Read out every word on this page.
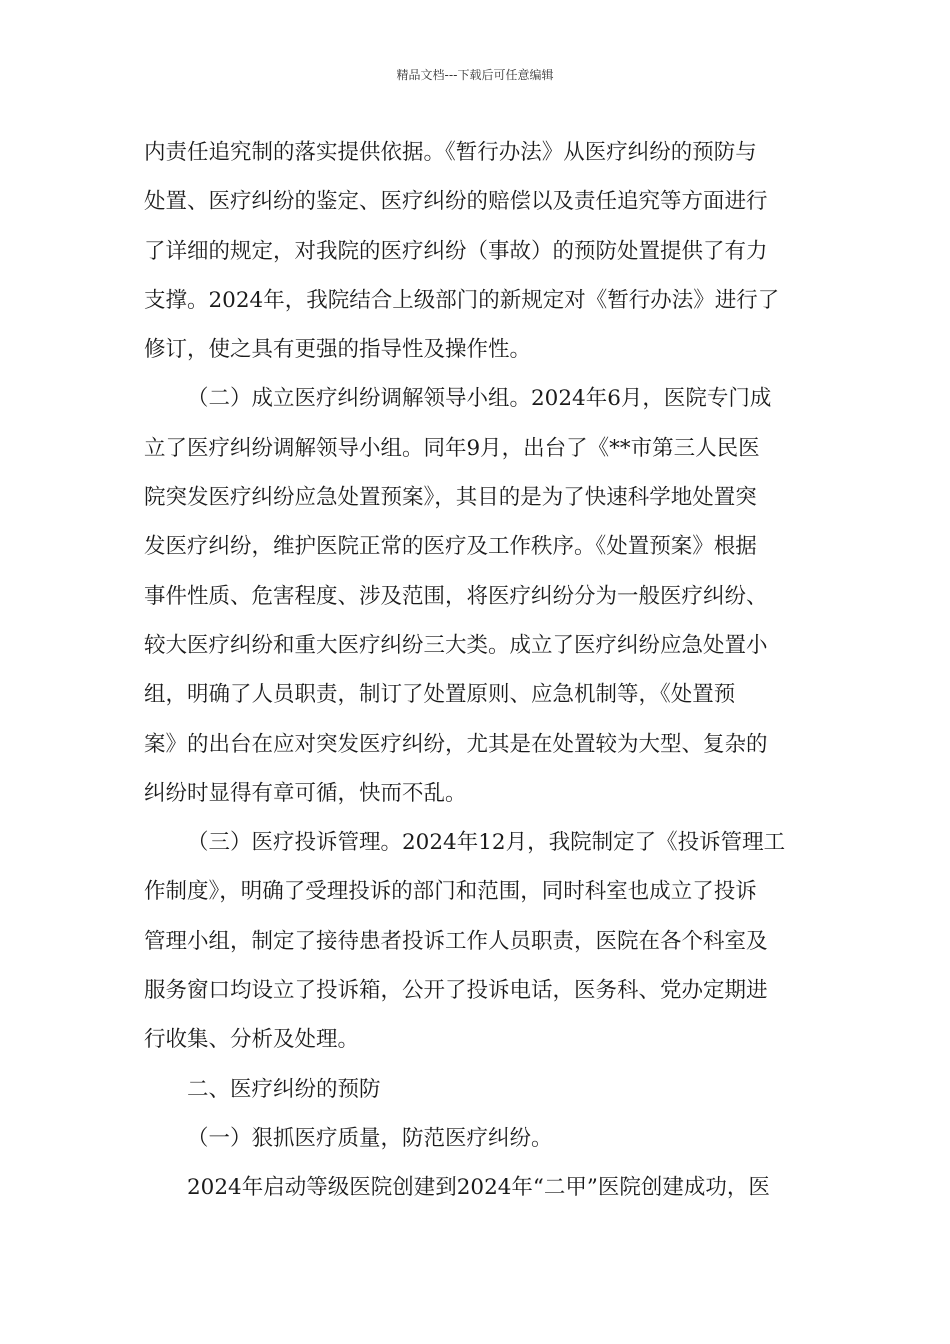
精品文档---下载后可任意编辑
内责任追究制的落实提供依据。《暂行办法》从医疗纠纷的预防与
处置、医疗纠纷的鉴定、医疗纠纷的赔偿以及责任追究等方面进行
了详细的规定，对我院的医疗纠纷（事故）的预防处置提供了有力
支撑。2024年，我院结合上级部门的新规定对《暂行办法》进行了
修订，使之具有更强的指导性及操作性。
（二）成立医疗纠纷调解领导小组。2024年6月，医院专门成
立了医疗纠纷调解领导小组。同年9月，出台了《**市第三人民医
院突发医疗纠纷应急处置预案》，其目的是为了快速科学地处置突
发医疗纠纷，维护医院正常的医疗及工作秩序。《处置预案》根据
事件性质、危害程度、涉及范围，将医疗纠纷分为一般医疗纠纷、
较大医疗纠纷和重大医疗纠纷三大类。成立了医疗纠纷应急处置小
组，明确了人员职责，制订了处置原则、应急机制等，《处置预
案》的出台在应对突发医疗纠纷，尤其是在处置较为大型、复杂的
纠纷时显得有章可循，快而不乱。
（三）医疗投诉管理。2024年12月，我院制定了《投诉管理工
作制度》，明确了受理投诉的部门和范围，同时科室也成立了投诉
管理小组，制定了接待患者投诉工作人员职责，医院在各个科室及
服务窗口均设立了投诉箱，公开了投诉电话，医务科、党办定期进
行收集、分析及处理。
二、医疗纠纷的预防
（一）狠抓医疗质量，防范医疗纠纷。
2024年启动等级医院创建到2024年“二甲”医院创建成功，医
